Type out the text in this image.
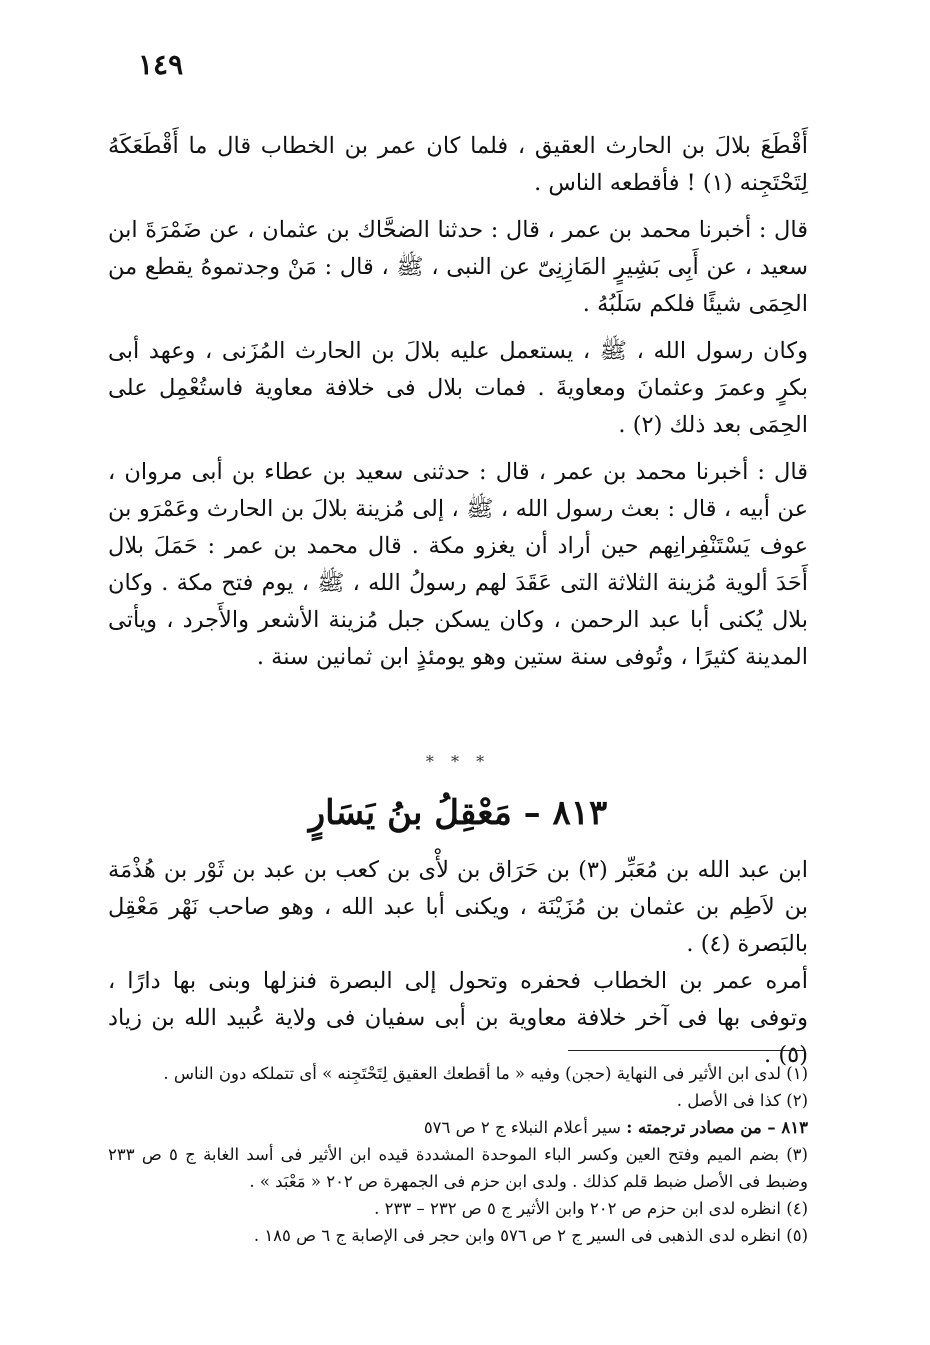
١٤٩

أَقْطَعَ بلالَ بن الحارث العقيق ، فلما كان عمر بن الخطاب قال ما أَقْطَعَكَهُ لِتَحْتَجِنه (١) ! فأقطعه الناس .

قال : أخبرنا محمد بن عمر ، قال : حدثنا الضحَّاك بن عثمان ، عن ضَمْرَةَ ابن سعيد ، عن أَبِى بَشِيرٍ المَازِنِىّ عن النبى ، ﷺ ، قال : مَنْ وجدتموهُ يقطع من الحِمَى شيئًا فلكم سَلَبُهُ .

وكان رسول الله ، ﷺ ، يستعمل عليه بلالَ بن الحارث المُزَنى ، وعهد أبى بكرٍ وعمرَ وعثمانَ ومعاويةَ . فمات بلال فى خلافة معاوية فاستُعْمِل على الحِمَى بعد ذلك (٢) .

قال : أخبرنا محمد بن عمر ، قال : حدثنى سعيد بن عطاء بن أبى مروان ، عن أبيه ، قال : بعث رسول الله ، ﷺ ، إلى مُزينة بلالَ بن الحارث وعَمْرَو بن عوف يَسْتَنْفِرانِهم حين أراد أن يغزو مكة . قال محمد بن عمر : حَمَلَ بلال أَحَدَ ألوية مُزينة الثلاثة التى عَقَدَ لهم رسولُ الله ، ﷺ ، يوم فتح مكة . وكان بلال يُكنى أبا عبد الرحمن ، وكان يسكن جبل مُزينة الأشعر والأَجرد ، ويأتى المدينة كثيرًا ، وتُوفى سنة ستين وهو يومئذٍ ابن ثمانين سنة .

* * *
٨١٣ – مَعْقِلُ بنُ يَسَارٍ

ابن عبد الله بن مُعَبِّر (٣) بن حَرَاق بن لأْى بن كعب بن عبد بن ثَوْر بن هُذْمَة بن لاَطِم بن عثمان بن مُزَيْنَة ، ويكنى أبا عبد الله ، وهو صاحب نَهْر مَعْقِل بالبَصرة (٤) .

أمره عمر بن الخطاب فحفره وتحول إلى البصرة فنزلها وبنى بها دارًا ، وتوفى بها فى آخر خلافة معاوية بن أبى سفيان فى ولاية عُبيد الله بن زياد (٥) .

(١) لدى ابن الأثير فى النهاية (حجن) وفيه « ما أقطعك العقيق لِتَحْتَجِنه » أى تتملكه دون الناس .
(٢) كذا فى الأصل .
٨١٣ – من مصادر ترجمته : سير أعلام النبلاء ج ٢ ص ٥٧٦
(٣) بضم الميم وفتح العين وكسر الباء الموحدة المشددة قيده ابن الأثير فى أسد الغابة ج ٥ ص ٢٣٣ وضبط فى الأصل ضبط قلم كذلك . ولدى ابن حزم فى الجمهرة ص ٢٠٢ « مَعْبَد » .
(٤) انظره لدى ابن حزم ص ٢٠٢ وابن الأثير ج ٥ ص ٢٣٢ – ٢٣٣ .
(٥) انظره لدى الذهبى فى السير ج ٢ ص ٥٧٦ وابن حجر فى الإصابة ج ٦ ص ١٨٥ .
